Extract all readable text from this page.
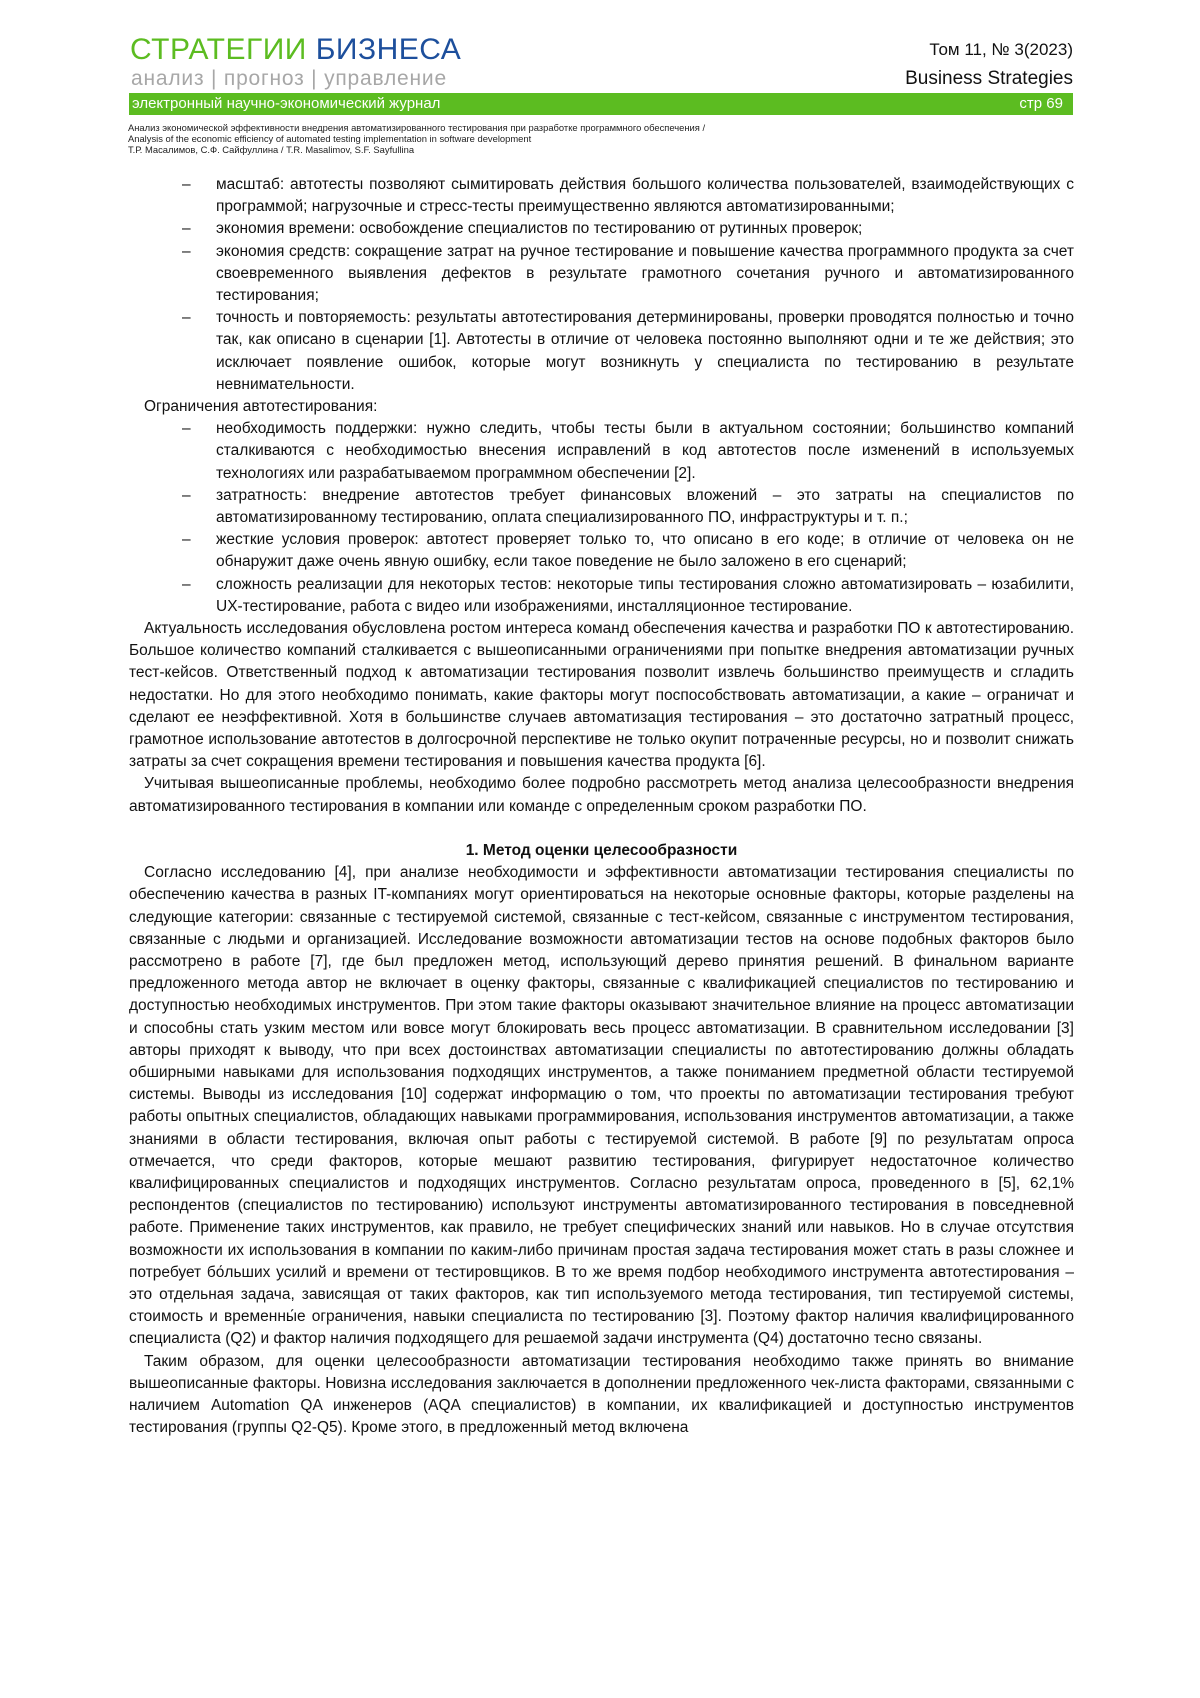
СТРАТЕГИИ БИЗНЕСА
анализ | прогноз | управление
Том 11, № 3(2023)
Business Strategies
электронный научно-экономический журнал	стр 69
Анализ экономической эффективности внедрения автоматизированного тестирования при разработке программного обеспечения /
Analysis of the economic efficiency of automated testing implementation in software development
Т.Р. Масалимов, С.Ф. Сайфуллина / T.R. Masalimov, S.F. Sayfullina

– масштаб: автотесты позволяют сымитировать действия большого количества пользователей, взаимодействующих с программой; нагрузочные и стресс-тесты преимущественно являются автоматизированными;

– экономия времени: освобождение специалистов по тестированию от рутинных проверок;

– экономия средств: сокращение затрат на ручное тестирование и повышение качества программного продукта за счет своевременного выявления дефектов в результате грамотного сочетания ручного и автоматизированного тестирования;

– точность и повторяемость: результаты автотестирования детерминированы, проверки проводятся полностью и точно так, как описано в сценарии [1]. Автотесты в отличие от человека постоянно выполняют одни и те же действия; это исключает появление ошибок, которые могут возникнуть у специалиста по тестированию в результате невнимательности.

Ограничения автотестирования:

– необходимость поддержки: нужно следить, чтобы тесты были в актуальном состоянии; большинство компаний сталкиваются с необходимостью внесения исправлений в код автотестов после изменений в используемых технологиях или разрабатываемом программном обеспечении [2].

– затратность: внедрение автотестов требует финансовых вложений – это затраты на специалистов по автоматизированному тестированию, оплата специализированного ПО, инфраструктуры и т. п.;

– жесткие условия проверок: автотест проверяет только то, что описано в его коде; в отличие от человека он не обнаружит даже очень явную ошибку, если такое поведение не было заложено в его сценарий;

– сложность реализации для некоторых тестов: некоторые типы тестирования сложно автоматизировать – юзабилити, UX-тестирование, работа с видео или изображениями, инсталляционное тестирование.

Актуальность исследования обусловлена ростом интереса команд обеспечения качества и разработки ПО к автотестированию. Большое количество компаний сталкивается с вышеописанными ограничениями при попытке внедрения автоматизации ручных тест-кейсов. Ответственный подход к автоматизации тестирования позволит извлечь большинство преимуществ и сгладить недостатки. Но для этого необходимо понимать, какие факторы могут поспособствовать автоматизации, а какие – ограничат и сделают ее неэффективной. Хотя в большинстве случаев автоматизация тестирования – это достаточно затратный процесс, грамотное использование автотестов в долгосрочной перспективе не только окупит потраченные ресурсы, но и позволит снижать затраты за счет сокращения времени тестирования и повышения качества продукта [6].

Учитывая вышеописанные проблемы, необходимо более подробно рассмотреть метод анализа целесообразности внедрения автоматизированного тестирования в компании или команде с определенным сроком разработки ПО.

1. Метод оценки целесообразности

Согласно исследованию [4], при анализе необходимости и эффективности автоматизации тестирования специалисты по обеспечению качества в разных IT-компаниях могут ориентироваться на некоторые основные факторы, которые разделены на следующие категории: связанные с тестируемой системой, связанные с тест-кейсом, связанные с инструментом тестирования, связанные с людьми и организацией. Исследование возможности автоматизации тестов на основе подобных факторов было рассмотрено в работе [7], где был предложен метод, использующий дерево принятия решений. В финальном варианте предложенного метода автор не включает в оценку факторы, связанные с квалификацией специалистов по тестированию и доступностью необходимых инструментов. При этом такие факторы оказывают значительное влияние на процесс автоматизации и способны стать узким местом или вовсе могут блокировать весь процесс автоматизации. В сравнительном исследовании [3] авторы приходят к выводу, что при всех достоинствах автоматизации специалисты по автотестированию должны обладать обширными навыками для использования подходящих инструментов, а также пониманием предметной области тестируемой системы. Выводы из исследования [10] содержат информацию о том, что проекты по автоматизации тестирования требуют работы опытных специалистов, обладающих навыками программирования, использования инструментов автоматизации, а также знаниями в области тестирования, включая опыт работы с тестируемой системой. В работе [9] по результатам опроса отмечается, что среди факторов, которые мешают развитию тестирования, фигурирует недостаточное количество квалифицированных специалистов и подходящих инструментов. Согласно результатам опроса, проведенного в [5], 62,1% респондентов (специалистов по тестированию) используют инструменты автоматизированного тестирования в повседневной работе. Применение таких инструментов, как правило, не требует специфических знаний или навыков. Но в случае отсутствия возможности их использования в компании по каким-либо причинам простая задача тестирования может стать в разы сложнее и потребует бо́льших усилий и времени от тестировщиков. В то же время подбор необходимого инструмента автотестирования – это отдельная задача, зависящая от таких факторов, как тип используемого метода тестирования, тип тестируемой системы, стоимость и временны́е ограничения, навыки специалиста по тестированию [3]. Поэтому фактор наличия квалифицированного специалиста (Q2) и фактор наличия подходящего для решаемой задачи инструмента (Q4) достаточно тесно связаны.

Таким образом, для оценки целесообразности автоматизации тестирования необходимо также принять во внимание вышеописанные факторы. Новизна исследования заключается в дополнении предложенного чек-листа факторами, связанными с наличием Automation QA инженеров (AQA специалистов) в компании, их квалификацией и доступностью инструментов тестирования (группы Q2-Q5). Кроме этого, в предложенный метод включена
